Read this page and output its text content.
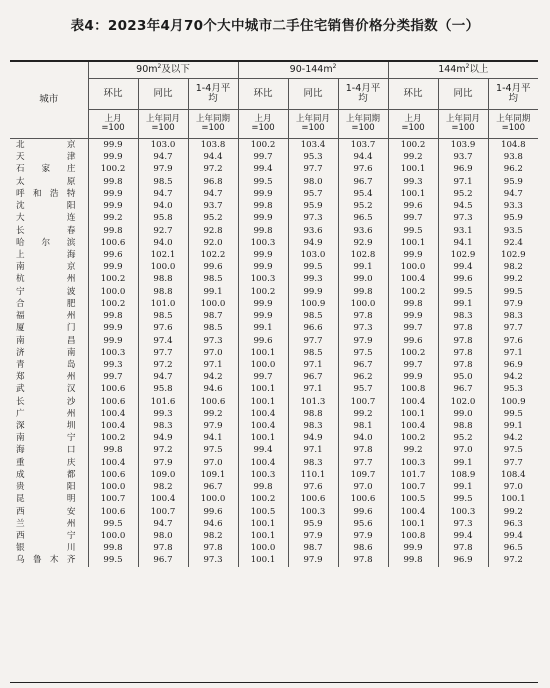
表4：2023年4月70个大中城市二手住宅销售价格分类指数（一）
城市	$90m^2$及以下			$90-144m^2$			$144m^2$以上		
	环比	同比	1-4月平均	环比	同比	1-4月平均	环比	同比	1-4月平均
	上月=100	上年同月=100	上年同期=100	上月=100	上年同月=100	上年同期=100	上月=100	上年同月=100	上年同期=100
北京	99.9	103.0	103.8	100.2	103.4	103.7	100.2	103.9	104.8
天津	99.9	94.7	94.4	99.7	95.3	94.4	99.2	93.7	93.8
石家庄	100.2	97.9	97.2	99.4	97.7	97.6	100.1	96.9	96.2
太原	99.8	98.5	96.8	99.5	98.0	96.7	99.3	97.1	95.9
呼和浩特	99.9	94.7	94.7	99.9	95.7	95.4	100.1	95.2	94.7
沈阳	99.9	94.0	93.7	99.8	95.9	95.2	99.6	94.5	93.3
大连	99.2	95.8	95.2	99.9	97.3	96.5	99.7	97.3	95.9
长春	99.8	92.7	92.8	99.8	93.6	93.6	99.5	93.1	93.5
哈尔滨	100.6	94.0	92.0	100.3	94.9	92.9	100.1	94.1	92.4
上海	99.6	102.1	102.2	99.9	103.0	102.8	99.9	102.9	102.9
南京	99.9	100.0	99.6	99.9	99.5	99.1	100.0	99.4	98.2
杭州	100.2	98.8	98.5	100.3	99.3	99.0	100.4	99.6	99.2
宁波	100.0	98.8	99.1	100.2	99.9	99.8	100.2	99.5	99.5
合肥	100.2	101.0	100.0	99.9	100.9	100.0	99.8	99.1	97.9
福州	99.8	98.5	98.7	99.9	98.5	97.8	99.9	98.3	98.3
厦门	99.9	97.6	98.5	99.1	96.6	97.3	99.7	97.8	97.7
南昌	99.9	97.4	97.3	99.6	97.7	97.9	99.6	97.8	97.6
济南	100.3	97.7	97.0	100.1	98.5	97.5	100.2	97.8	97.1
青岛	99.3	97.2	97.1	100.0	97.1	96.7	99.7	97.8	96.9
郑州	99.7	94.7	94.2	99.7	96.7	96.2	99.9	95.0	94.2
武汉	100.6	95.8	94.6	100.1	97.1	95.7	100.8	96.7	95.3
长沙	100.6	101.6	100.6	100.1	101.3	100.7	100.4	102.0	100.9
广州	100.4	99.3	99.2	100.4	98.8	99.2	100.1	99.0	99.5
深圳	100.4	98.3	97.9	100.4	98.3	98.1	100.4	98.8	99.1
南宁	100.2	94.9	94.1	100.1	94.9	94.0	100.2	95.2	94.2
海口	99.8	97.2	97.5	99.4	97.1	97.8	99.2	97.0	97.5
重庆	100.4	97.9	97.0	100.4	98.3	97.7	100.3	99.1	97.7
成都	100.6	109.0	109.1	100.3	110.1	109.7	101.7	108.9	108.4
贵阳	100.0	98.2	96.7	99.8	97.6	97.0	100.7	99.1	97.0
昆明	100.7	100.4	100.0	100.2	100.6	100.6	100.5	99.5	100.1
西安	100.6	100.7	99.6	100.5	100.3	99.6	100.4	100.3	99.2
兰州	99.5	94.7	94.6	100.1	95.9	95.6	100.1	97.3	96.3
西宁	100.0	98.0	98.2	100.1	97.9	97.9	100.8	99.4	99.4
银川	99.8	97.8	97.8	100.0	98.7	98.6	99.9	97.8	96.5
乌鲁木齐	99.5	96.7	97.3	100.1	97.9	97.8	99.8	96.9	97.2
